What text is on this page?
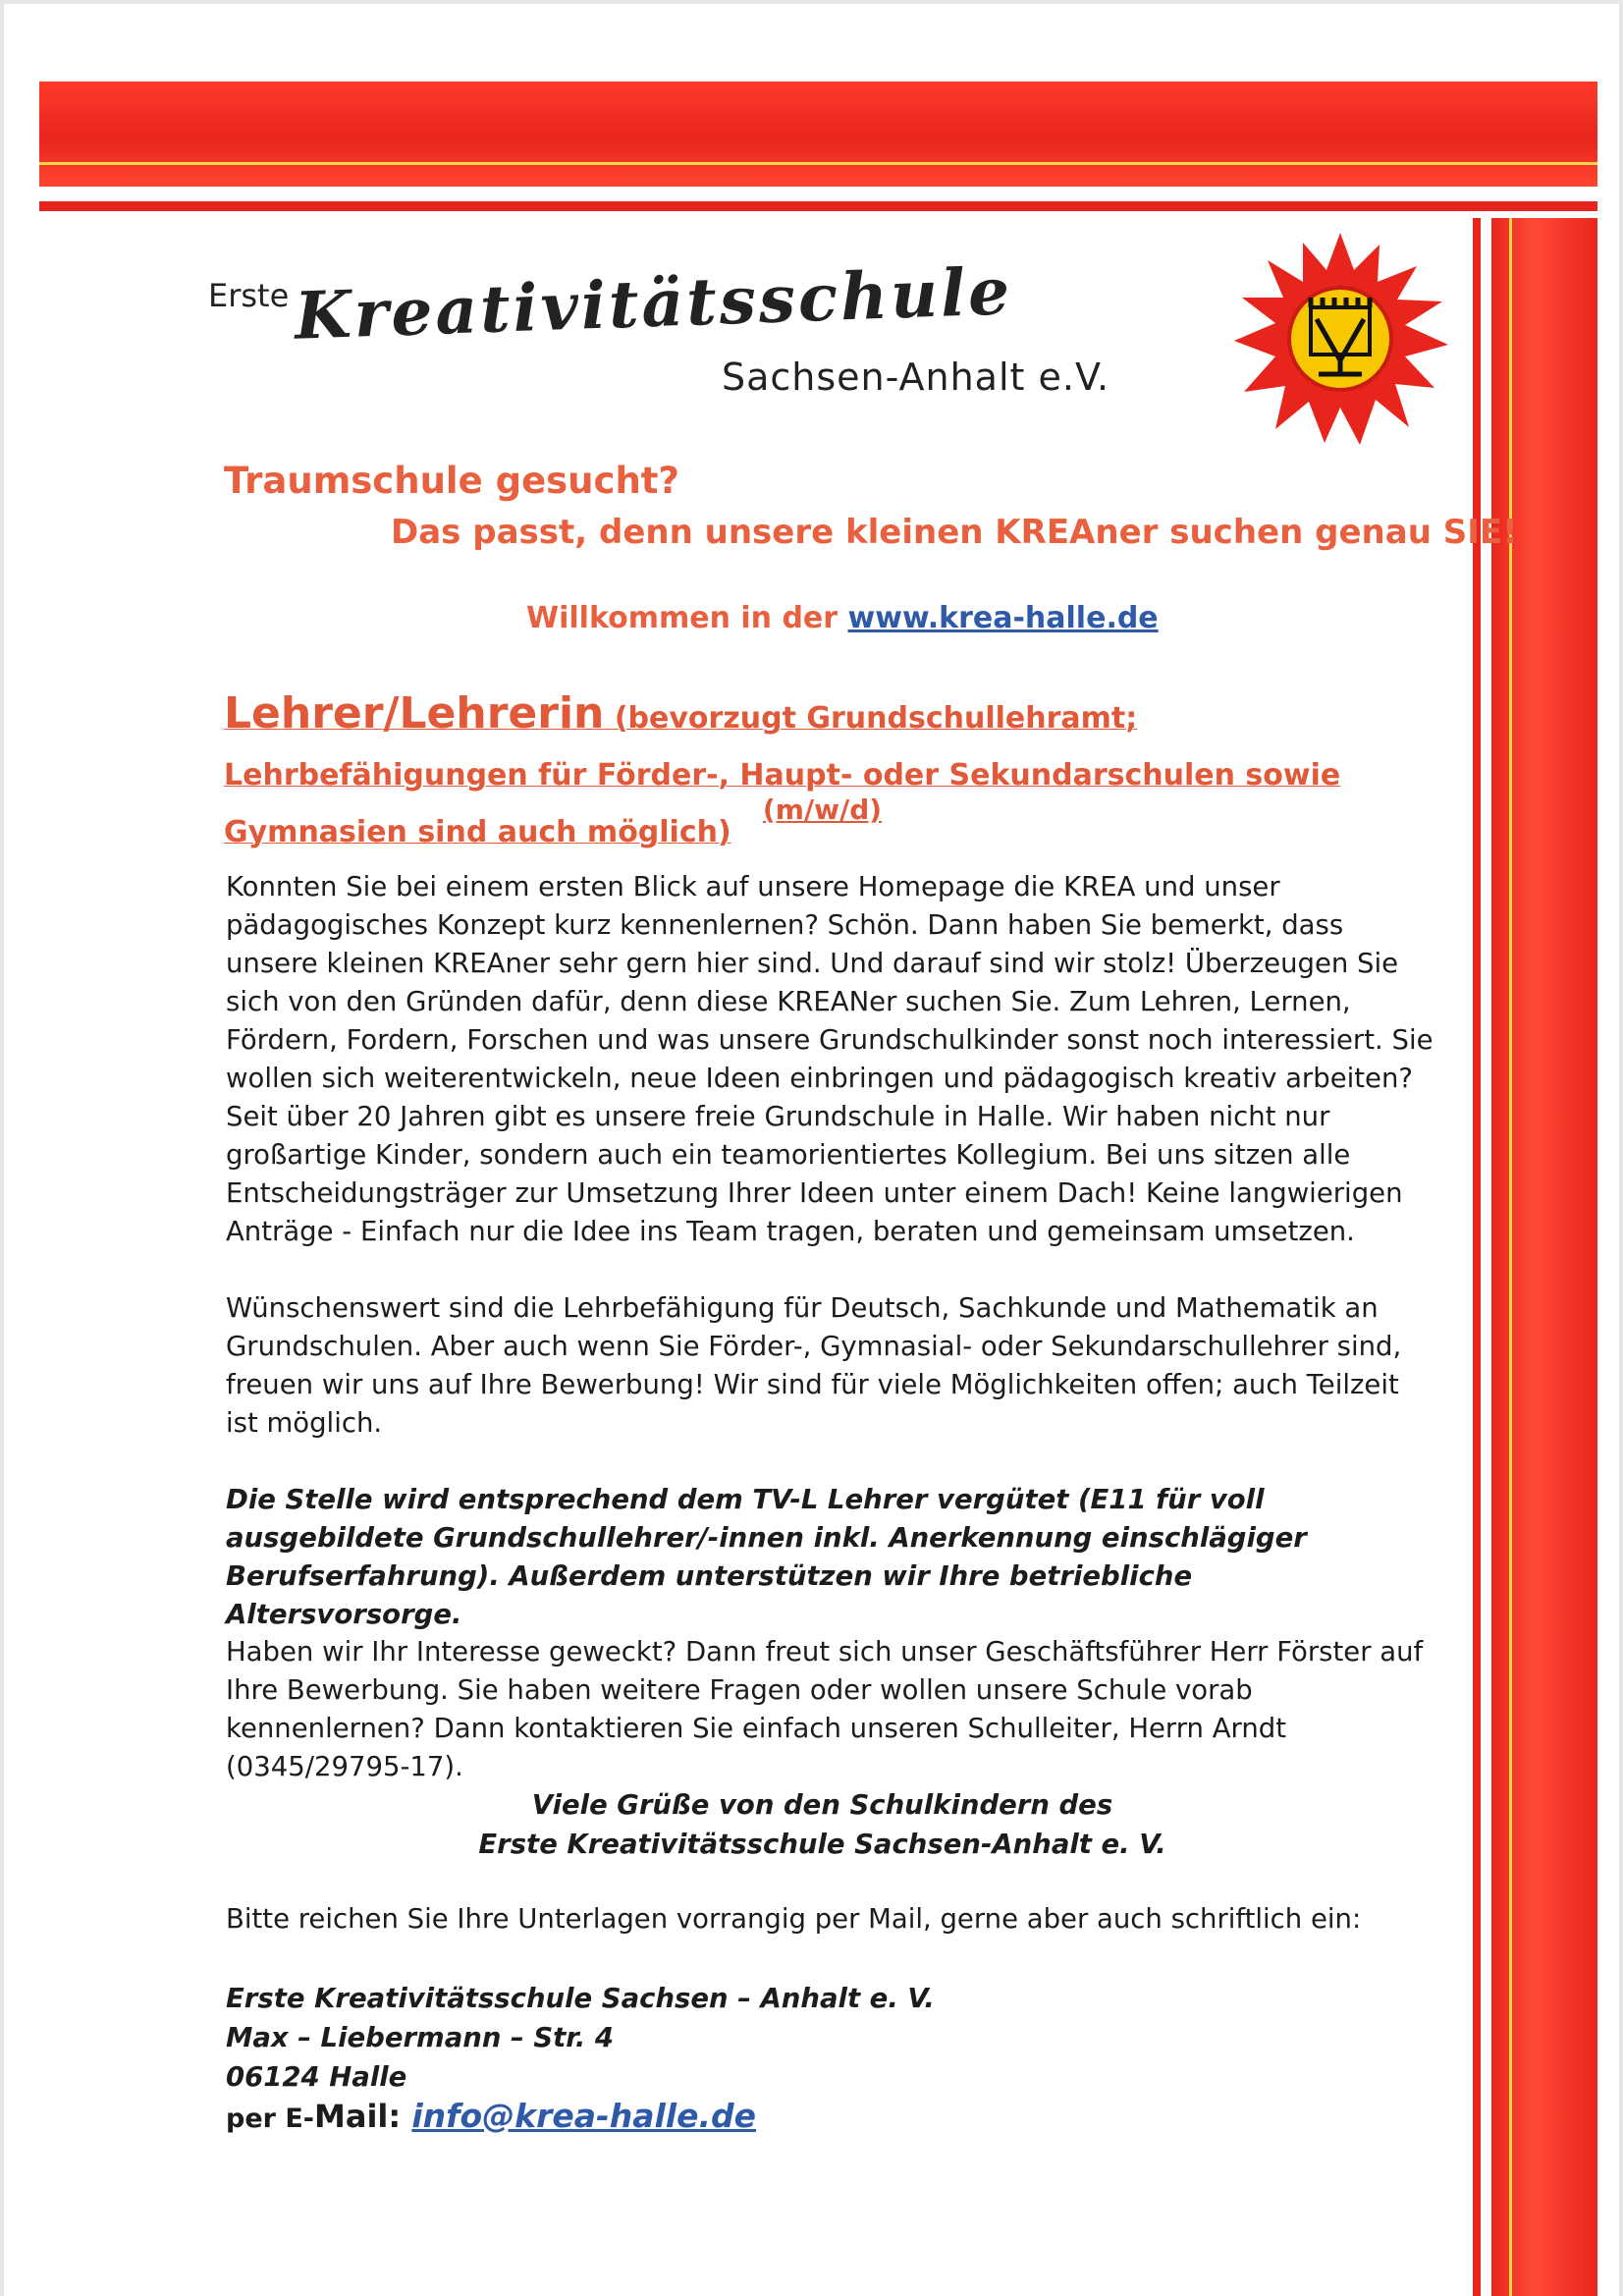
Erste Kreativitätsschule
Sachsen-Anhalt e.V.
Traumschule gesucht?
Das passt, denn unsere kleinen KREAner suchen genau SIE!
Willkommen in der www.krea-halle.de
Lehrer/Lehrerin (bevorzugt Grundschullehramt; Lehrbefähigungen für Förder-, Haupt- oder Sekundarschulen sowie Gymnasien sind auch möglich)
(m/w/d)

Konnten Sie bei einem ersten Blick auf unsere Homepage die KREA und unser pädagogisches Konzept kurz kennenlernen? Schön. Dann haben Sie bemerkt, dass unsere kleinen KREAner sehr gern hier sind. Und darauf sind wir stolz! Überzeugen Sie sich von den Gründen dafür, denn diese KREANer suchen Sie. Zum Lehren, Lernen, Fördern, Fordern, Forschen und was unsere Grundschulkinder sonst noch interessiert. Sie wollen sich weiterentwickeln, neue Ideen einbringen und pädagogisch kreativ arbeiten? Seit über 20 Jahren gibt es unsere freie Grundschule in Halle. Wir haben nicht nur großartige Kinder, sondern auch ein teamorientiertes Kollegium. Bei uns sitzen alle Entscheidungsträger zur Umsetzung Ihrer Ideen unter einem Dach! Keine langwierigen Anträge - Einfach nur die Idee ins Team tragen, beraten und gemeinsam umsetzen.

Wünschenswert sind die Lehrbefähigung für Deutsch, Sachkunde und Mathematik an Grundschulen. Aber auch wenn Sie Förder-, Gymnasial- oder Sekundarschullehrer sind, freuen wir uns auf Ihre Bewerbung! Wir sind für viele Möglichkeiten offen; auch Teilzeit ist möglich.

Die Stelle wird entsprechend dem TV-L Lehrer vergütet (E11 für voll ausgebildete Grundschullehrer/-innen inkl. Anerkennung einschlägiger Berufserfahrung). Außerdem unterstützen wir Ihre betriebliche Altersvorsorge.

Haben wir Ihr Interesse geweckt? Dann freut sich unser Geschäftsführer Herr Förster auf Ihre Bewerbung. Sie haben weitere Fragen oder wollen unsere Schule vorab kennenlernen? Dann kontaktieren Sie einfach unseren Schulleiter, Herrn Arndt (0345/29795-17).

Viele Grüße von den Schulkindern des
Erste Kreativitätsschule Sachsen-Anhalt e. V.

Bitte reichen Sie Ihre Unterlagen vorrangig per Mail, gerne aber auch schriftlich ein:

Erste Kreativitätsschule Sachsen – Anhalt e. V.
Max – Liebermann – Str. 4
06124 Halle
per E-Mail: info@krea-halle.de
